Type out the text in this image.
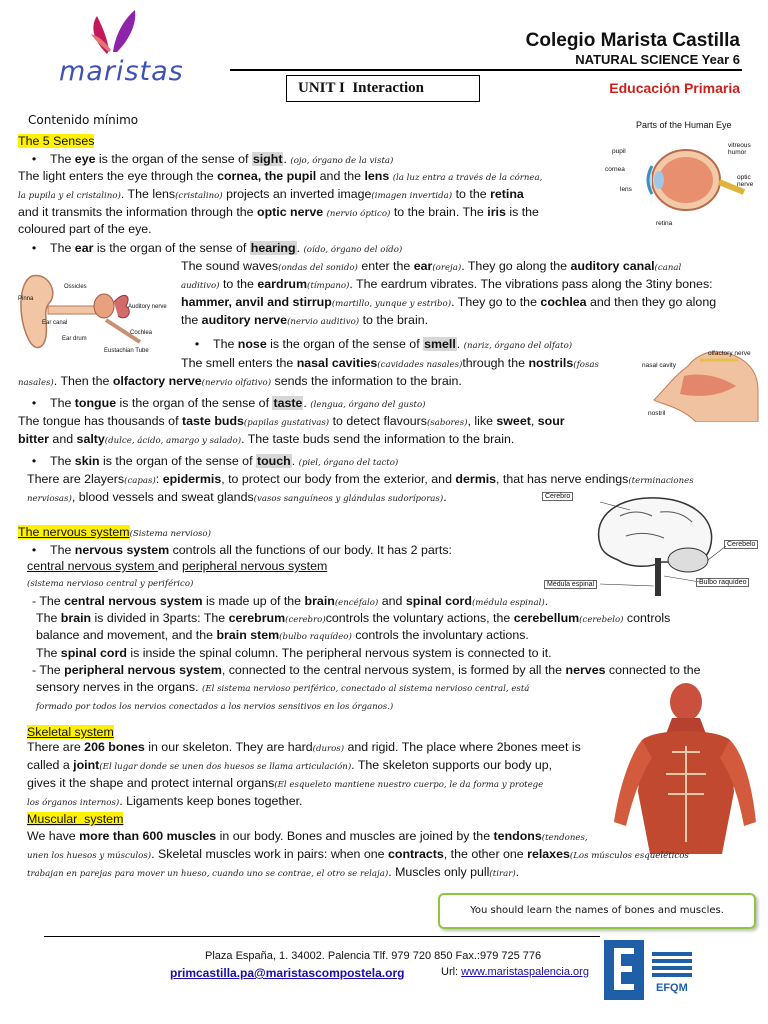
maristas
Colegio Marista Castilla
NATURAL SCIENCE Year 6
UNIT I  Interaction	Educación Primaria
Contenido mínimo
The 5 Senses
• The eye is the organ of the sense of sight. (ojo, órgano de la vista)
The light enters the eye through the cornea, the pupil and the lens (la luz entra a través de la córnea,
la pupila y el cristalino). The lens(cristalino) projects an inverted image(imagen invertida) to the retina
and it transmits the information through the optic nerve (nervio óptico) to the brain. The iris is the
coloured part of the eye.
Parts of the Human Eye
pupil
cornea
lens
retina
vitreous humor
optic nerve
• The ear is the organ of the sense of hearing. (oído, órgano del oído)
The sound waves(ondas del sonido) enter the ear(oreja). They go along the auditory canal(canal
auditivo) to the eardrum(tímpano). The eardrum vibrates. The vibrations pass along the 3tiny bones:
hammer, anvil and stirrup(martillo, yunque y estribo). They go to the cochlea and then they go along
the auditory nerve(nervio auditivo) to the brain.
Ossicles
Pinna
Auditory nerve
Ear canal
Cochlea
Ear drum
Eustachian Tube	• The nose is the organ of the sense of smell. (nariz, órgano del olfato)
The smell enters the nasal cavities(cavidades nasales)through the nostrils(fosas
nasales). Then the olfactory nerve(nervio olfativo) sends the information to the brain.
olfactory nerve
nasal cavity
nostril
• The tongue is the organ of the sense of taste. (lengua, órgano del gusto)
The tongue has thousands of taste buds(papilas gustativas) to detect flavours(sabores), like sweet, sour
bitter and salty(dulce, ácido, amargo y salado). The taste buds send the information to the brain.
• The skin is the organ of the sense of touch. (piel, órgano del tacto)
There are 2layers(capas): epidermis, to protect our body from the exterior, and dermis, that has nerve endings(terminaciones
nerviosas), blood vessels and sweat glands(vasos sanguíneos y glándulas sudoríporas).	Cerebro
Cerebelo
Médula espinal	Bulbo raquídeo
The nervous system(Sistema nervioso)
• The nervous system controls all the functions of our body. It has 2 parts:
central nervous system and peripheral nervous system
(sistema nervioso central y periférico)
- The central nervous system is made up of the brain(encéfalo) and spinal cord(médula espinal).
The brain is divided in 3parts: The cerebrum(cerebro)controls the voluntary actions, the cerebellum(cerebelo) controls
balance and movement, and the brain stem(bulbo raquídeo) controls the involuntary actions.
The spinal cord is inside the spinal column. The peripheral nervous system is connected to it.
- The peripheral nervous system, connected to the central nervous system, is formed by all the nerves connected to the
sensory nerves in the organs. (El sistema nervioso periférico, conectado al sistema nervioso central, está
formado por todos los nervios conectados a los nervios sensitivos en los órganos.)
Skeletal system
There are 206 bones in our skeleton. They are hard(duros) and rigid. The place where 2bones meet is
called a joint(El lugar donde se unen dos huesos se llama articulación). The skeleton supports our body up,
gives it the shape and protect internal organs(El esqueleto mantiene nuestro cuerpo, le da forma y protege
los órganos internos). Ligaments keep bones together.
Muscular  system
We have more than 600 muscles in our body. Bones and muscles are joined by the tendons(tendones,
unen los huesos y músculos). Skeletal muscles work in pairs: when one contracts, the other one relaxes(Los músculos esqueléticos
trabajan en parejas para mover un hueso, cuando uno se contrae, el otro se relaja). Muscles only pull(tirar).
You should learn the names of bones and muscles.
Plaza España, 1. 34002. Palencia Tlf. 979 720 850 Fax.:979 725 776
primcastilla.pa@maristascompostela.org	Url: www.maristaspalencia.org
EFQM
